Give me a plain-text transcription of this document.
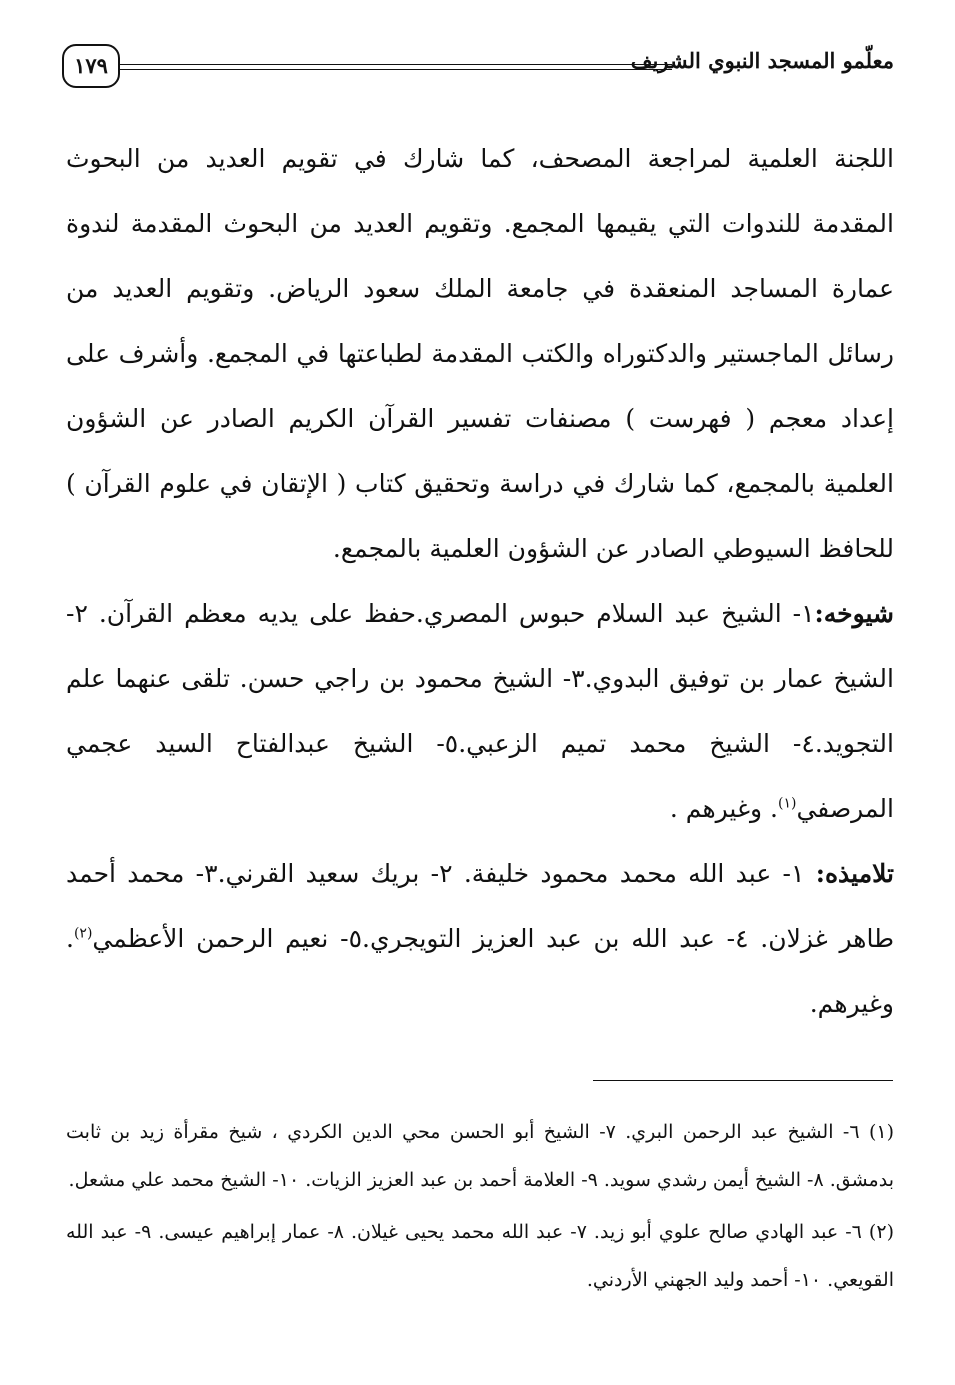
١٧٩	معلّمو المسجد النبوي الشريف

اللجنة العلمية لمراجعة المصحف، كما شارك في تقويم العديد من البحوث المقدمة للندوات التي يقيمها المجمع. وتقويم العديد من البحوث المقدمة لندوة عمارة المساجد المنعقدة في جامعة الملك سعود الرياض. وتقويم العديد من رسائل الماجستير والدكتوراه والكتب المقدمة لطباعتها في المجمع. وأشرف على إعداد معجم ( فهرست ) مصنفات تفسير القرآن الكريم الصادر عن الشؤون العلمية بالمجمع، كما شارك في دراسة وتحقيق كتاب ( الإتقان في علوم القرآن ) للحافظ السيوطي الصادر عن الشؤون العلمية بالمجمع.

شيوخه:١- الشيخ عبد السلام حبوس المصري.حفظ على يديه معظم القرآن. ٢- الشيخ عمار بن توفيق البدوي.٣- الشيخ محمود بن راجي حسن. تلقى عنهما علم التجويد.٤- الشيخ محمد تميم الزعبي.٥- الشيخ عبدالفتاح السيد عجمي المرصفي$^{(١)}$. وغيرهم .

تلاميذه: ١- عبد الله محمد محمود خليفة. ٢- بريك سعيد القرني.٣- محمد أحمد طاهر غزلان. ٤- عبد الله بن عبد العزيز التويجري.٥- نعيم الرحمن الأعظمي$^{(٢)}$. وغيرهم.

(١) ٦- الشيخ عبد الرحمن البري. ٧- الشيخ أبو الحسن محي الدين الكردي ، شيخ مقرأة زيد بن ثابت بدمشق. ٨- الشيخ أيمن رشدي سويد. ٩- العلامة أحمد بن عبد العزيز الزيات. ١٠- الشيخ محمد علي مشعل.

(٢) ٦- عبد الهادي صالح علوي أبو زيد. ٧- عبد الله محمد يحيى غيلان. ٨- عمار إبراهيم عيسى. ٩- عبد الله القويعي. ١٠- أحمد وليد الجهني الأردني.
